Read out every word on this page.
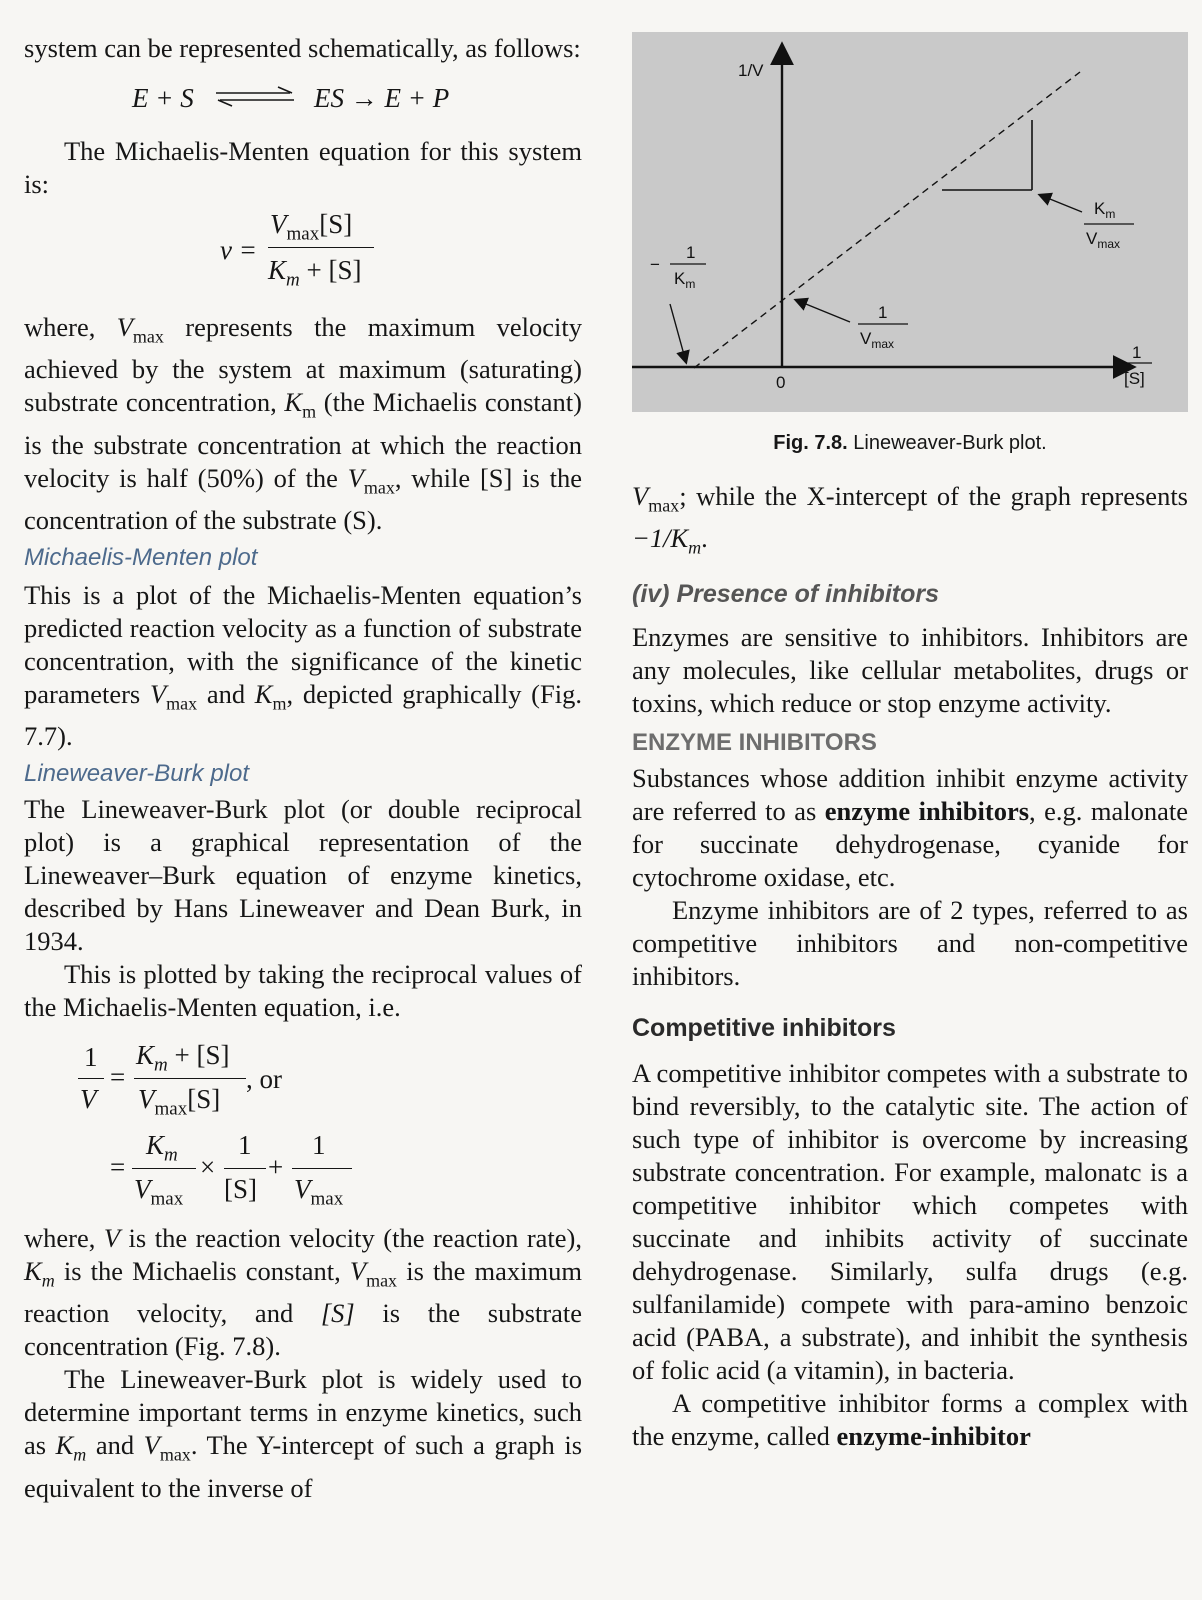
system can be represented schematically, as follows:

E + S ⇌ ES → E + P

The Michaelis-Menten equation for this system is:

v =
$V_{max}[S]$
$K_m + [S]$

where, $V_{max}$ represents the maximum velocity achieved by the system at maximum (saturating) substrate concentration, $K_m$ (the Michaelis constant) is the substrate concentration at which the reaction velocity is half (50%) of the $V_{max}$, while [S] is the concentration of the substrate (S).

Michaelis-Menten plot

This is a plot of the Michaelis-Menten equation’s predicted reaction velocity as a function of substrate concentration, with the significance of the kinetic parameters $V_{max}$ and $K_m$, depicted graphically (Fig. 7.7).

Lineweaver-Burk plot

The Lineweaver-Burk plot (or double reciprocal plot) is a graphical representation of the Lineweaver–Burk equation of enzyme kinetics, described by Hans Lineweaver and Dean Burk, in 1934.

This is plotted by taking the reciprocal values of the Michaelis-Menten equation, i.e.

1
V
=
$K_m + [S]$
$V_{max}[S]$
, or
=
$K_m$
$V_{max}$
×
1
[S]
+
1
$V_{max}$

where, V is the reaction velocity (the reaction rate), $K_m$ is the Michaelis constant, $V_{max}$ is the maximum reaction velocity, and [S] is the substrate concentration (Fig. 7.8).

The Lineweaver-Burk plot is widely used to determine important terms in enzyme kinetics, such as $K_m$ and $V_{max}$. The Y-intercept of such a graph is equivalent to the inverse of

1/V
0
1
[S]
−
1
$K_m$
1
$V_{max}$
$K_m$
$V_{max}$
Fig. 7.8. Lineweaver-Burk plot.

$V_{max}$; while the X-intercept of the graph represents $-1/K_m$.

(iv) Presence of inhibitors

Enzymes are sensitive to inhibitors. Inhibitors are any molecules, like cellular metabolites, drugs or toxins, which reduce or stop enzyme activity.

ENZYME INHIBITORS

Substances whose addition inhibit enzyme activity are referred to as enzyme inhibitors, e.g. malonate for succinate dehydrogenase, cyanide for cytochrome oxidase, etc.

Enzyme inhibitors are of 2 types, referred to as competitive inhibitors and non-competitive inhibitors.

Competitive inhibitors

A competitive inhibitor competes with a substrate to bind reversibly, to the catalytic site. The action of such type of inhibitor is overcome by increasing substrate concentration. For example, malonatc is a competitive inhibitor which competes with succinate and inhibits activity of succinate dehydrogenase. Similarly, sulfa drugs (e.g. sulfanilamide) compete with para-amino benzoic acid (PABA, a substrate), and inhibit the synthesis of folic acid (a vitamin), in bacteria.

A competitive inhibitor forms a complex with the enzyme, called enzyme-inhibitor
